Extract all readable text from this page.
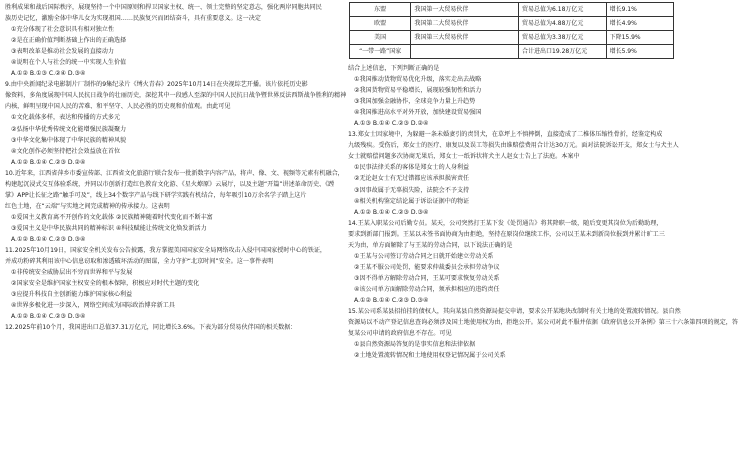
胜利成果和战后国际秩序，展现坚持一个中国原则和捍卫国家主权、统一、领土完整的坚定意志，强化两岸同胞共同民
族历史记忆，激励全体中华儿女为实现祖国……民族复兴而团结奋斗，具有重要意义。这一决定
①充分体现了社会意识具有相对独立性
②是在正确价值判断基础上作出的正确选择
③表明改革是推动社会发展的直接动力
④说明在个人与社会的统一中实现人生价值
A.①② B.①③ C.②④ D.③④
9.由中央新闻纪录电影制片厂制作的9集纪录片《缚火青春》2025年10月14日在央视综艺开播。该片依托历史影
像资料，多角度展现中国人民抗日战争的壮丽历史，深挖其中一段感人至深的中国人民抗日战争暨世界反法西斯战争胜利的精神
内核，鲜明呈现中国人民的苦难、和平坚守、人民必胜的历史观和价值观。由此可见
①文化载体多样，表达和传播的方式多元
②弘扬中华优秀传统文化能增强民族凝聚力
③中华文化集中体现了中华民族的精神风貌
④文化创作必须坚持把社会效益放在首位
A.①② B.①④ C.②③ D.②④
10.近年来，江西省萍乡市委宣传部、江西省文化旅游厅联合发布一批新数字内容产品，将声、像、文、视频等元素有机融合，
构建起沉浸式交互体验系统，并同以市创新打造红色教育文化游、《星火燎原》云展厅，以及主题“开篇”讲述革命历史、《蹚
掌》APP让长征之路“触手可及”，线上34个数字产品与线下研学实践有机结合，每年吸引10万余名学子踏上这片
红色土地，在“云端”与实地之间完成精神的传承接力。这表明
①爱国主义教育离不开创作的文化载体 ②民族精神随着时代变化而不断丰富
③爱国主义是中华民族共同的精神标识 ④科技赋能让传统文化焕发新活力
A.①② B.①④ C.②③ D.③④
11.2025年10月19日，国家安全机关发布公告披露，我方掌握美国国家安全局网络攻击入侵中国国家授时中心的铁证，
并成功粉碎其利用该中心信息窃取和渗透破坏活动的图谋，全力守护“北京时间”安全。这一事件表明
①非传统安全威胁层出不穷而世界和平与发展
②国家安全是维护国家主权安全的根本保障，积极应对时代主题的变化
③应提升科技自主创新能力维护国家核心利益
④世界多极化进一步深入，网络空间成为国际政治博弈新工具
A.①② B.①④ C.②③ D.③④
12.2025年前10个月，我国进出口总值37.31万亿元，同比增长3.6%。下表为部分贸易伙伴国的相关数据：
东盟	我国第一大贸易伙伴	贸易总值为6.18万亿元	增长9.1%
欧盟	我国第二大贸易伙伴	贸易总值为4.88万亿元	增长4.9%
美国	我国第三大贸易伙伴	贸易总值为3.38万亿元	下降15.9%
“一带一路”国家		合计进出口19.28万亿元	增长5.9%
结合上述信息，下列判断正确的是
①我国推动货物贸易优化升级，落实走出去战略
②我国货物贸易平稳增长，展现较强韧性和活力
③我国加强金融协作，全球竞争力量上升趋势
④我国推进高水平对外开放，加快建设贸易强国
A.①③ B.①④ C.②③ D.②④
13.郑女士因家境中，为躲避一条未婚妻引的责罚犬，在草坪上不慎摔倒，直接造成了二椎体压缩性骨折，经鉴定构成
九级残疾。受伤后，郑女士的医疗、康复以及误工等损失由谁赔偿费用合计达30万元。面对法院诉讼开支，郑女士与犬主人
女士就赔偿问题多次协商无果后，郑女士一纸诉状将犬主人赵女士告上了法庭。本案中
①民事法律关系的客体是郑女士的人身利益
②无论赵女士有无过错都应该承担损害责任
③因事故属于无辜损失险，法院会不予支持
④相关机构鉴定结论属于诉讼证据中的物证
A.①② B.①④ C.②③ D.③④
14.王某入职某公司后勤专员。某天，公司突然打王某下发《处罚通告》将其降职一级，随后变更其岗位为后勤助理，
要求到新部门报到。王某以未签书面协商为由拒绝，坚持在原岗位继续工作，公司以王某未到新岗位报到并累计旷工三
天为由，单方面解除了与王某的劳动合同，以下说法正确的是
①王某与公司签订劳动合同之日就开始建立劳动关系
②王某不服公司处罚，能要求仲裁委员会承担劳动争议
③因不得单方解除劳动合同，王某可要求恢复劳动关系
④该公司单方面解除劳动合同，须承担相应的违约责任
A.①② B.①④ C.②③ D.③④
15.某公司系某县招拍挂的债权人，其向某县自然资源局提交申请，要求公开某地块改制时有关土地的处置流转情况。县自然
资源局以不动产登记信息查询必须涉及国土地使用权为由，拒绝公开。某公司对此不服并依据《政府信息公开条例》第三十六条第四项的规定，答
复某公司申请的政府信息不存在。可见
①县自然资源局答复的是事实信息和法律依据
②土地处置流转情况和土地使用权登记情况属于公司关系
